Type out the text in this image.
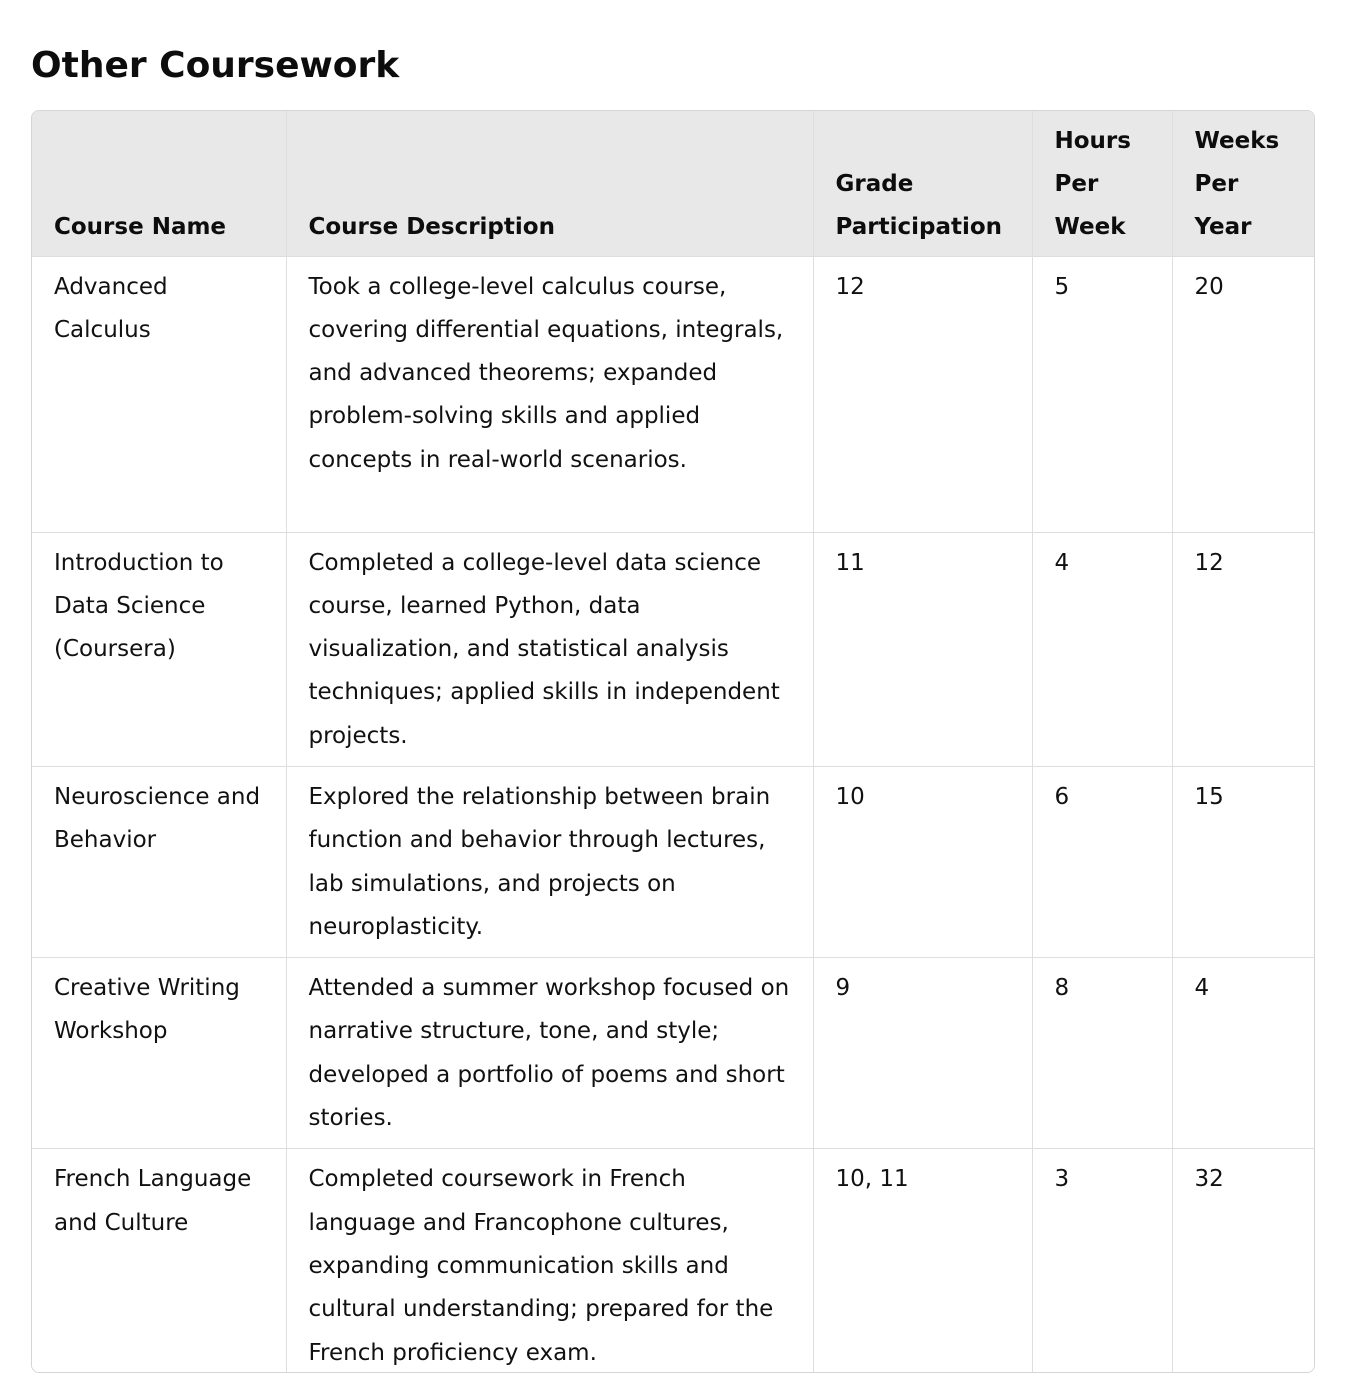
Other Coursework
Course Name	Course Description	Grade Participation	Hours Per Week	Weeks Per Year
Advanced Calculus	Took a college-level calculus course, covering differential equations, integrals, and advanced theorems; expanded problem-solving skills and applied concepts in real-world scenarios.	12	5	20
Introduction to Data Science (Coursera)	Completed a college-level data science course, learned Python, data visualization, and statistical analysis techniques; applied skills in independent projects.	11	4	12
Neuroscience and Behavior	Explored the relationship between brain function and behavior through lectures, lab simulations, and projects on neuroplasticity.	10	6	15
Creative Writing Workshop	Attended a summer workshop focused on narrative structure, tone, and style; developed a portfolio of poems and short stories.	9	8	4
French Language and Culture	Completed coursework in French language and Francophone cultures, expanding communication skills and cultural understanding; prepared for the French proficiency exam.	10, 11	3	32
